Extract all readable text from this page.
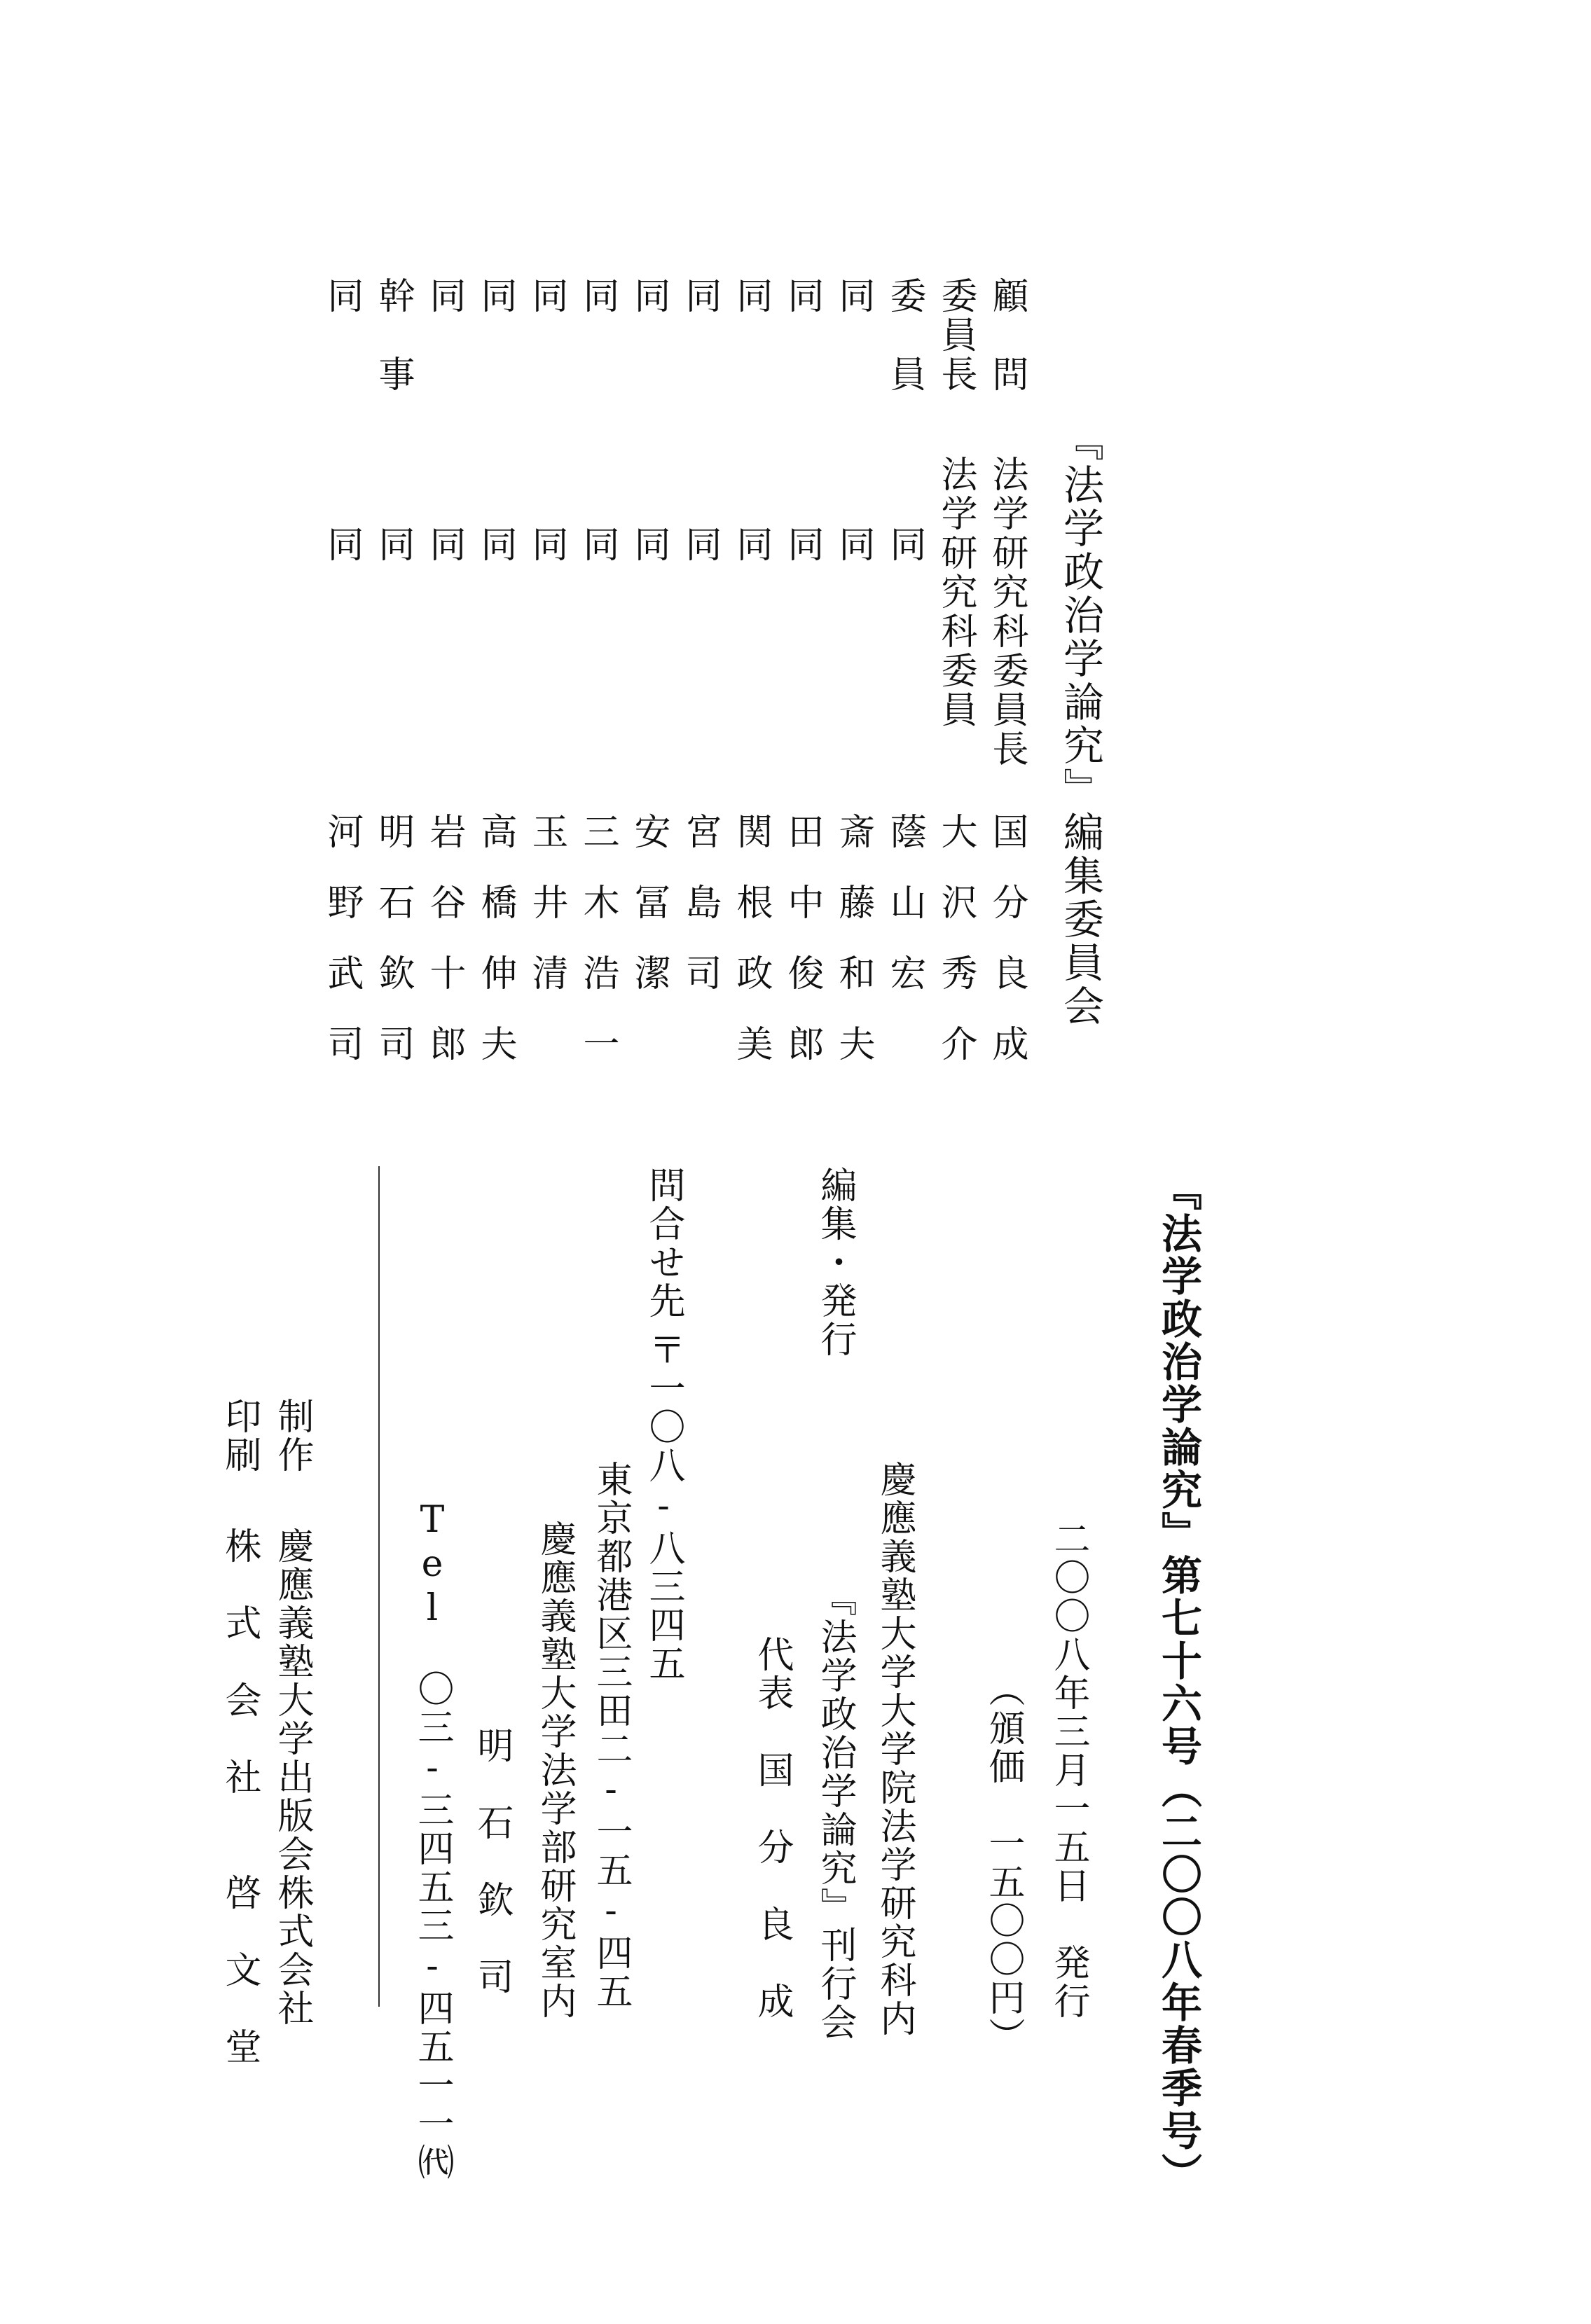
『法学政治学論究』編集委員会
顧　問
法学研究科委員長
国分良成
委員長
法学研究科委員
大沢秀介
委　員
同
蔭山宏
同
同
斎藤和夫
同
同
田中俊郎
同
同
関根政美
同
同
宮島司
同
同
安冨潔
同
同
三木浩一
同
同
玉井清
同
同
高橋伸夫
同
同
岩谷十郎
幹　事
同
明石欽司
同
同
河野武司
『法学政治学論究』第七十六号（二〇〇八年春季号）
二〇〇八年三月一五日　発行
（頒価　一五〇〇円）
編集・発行
慶應義塾大学大学院法学研究科内
『法学政治学論究』刊行会
代表　国　分　良　成
問合せ先
〒一〇八-八三四五
東京都港区三田二-一五-四五
慶應義塾大学法学部研究室内
明　石　欽　司
Tel　〇三-三四五三-四五一一㈹
制作
慶應義塾大学出版会株式会社
印刷
株　式　会　社　　啓　文　堂
